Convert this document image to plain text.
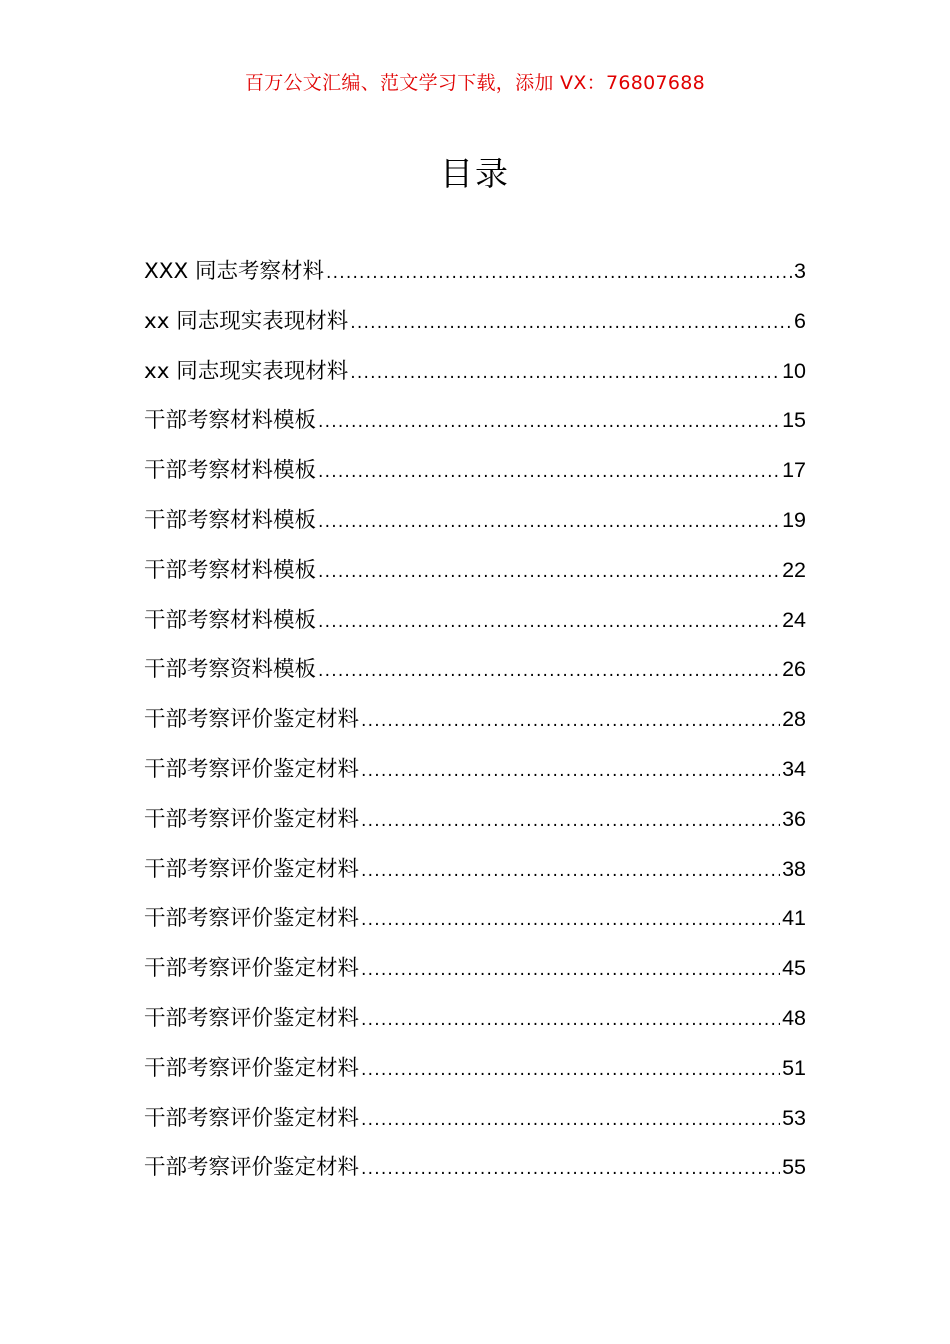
百万公文汇编、范文学习下载，添加 VX：76807688
目录
XXX 同志考察材料 .....	3
xx 同志现实表现材料 .....	6
xx 同志现实表现材料 .....	10
干部考察材料模板 .....	15
干部考察材料模板 .....	17
干部考察材料模板 .....	19
干部考察材料模板 .....	22
干部考察材料模板 .....	24
干部考察资料模板 .....	26
干部考察评价鉴定材料 .....	28
干部考察评价鉴定材料 .....	34
干部考察评价鉴定材料 .....	36
干部考察评价鉴定材料 .....	38
干部考察评价鉴定材料 .....	41
干部考察评价鉴定材料 .....	45
干部考察评价鉴定材料 .....	48
干部考察评价鉴定材料 .....	51
干部考察评价鉴定材料 .....	53
干部考察评价鉴定材料 .....	55
